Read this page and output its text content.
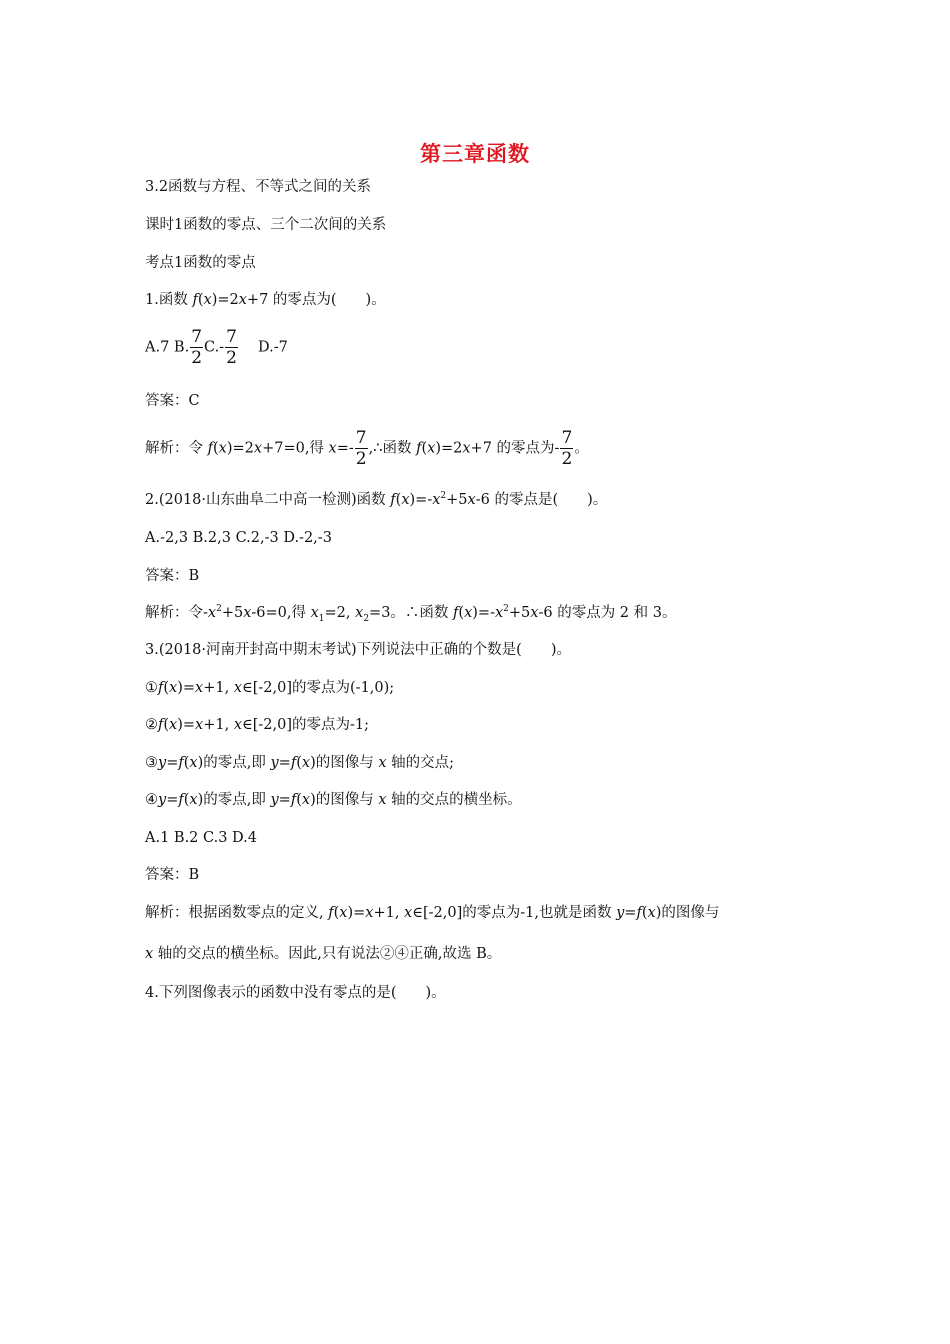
第三章函数
3.2函数与方程、不等式之间的关系
课时1函数的零点、三个二次间的关系
考点1函数的零点
1.函数 f(x)=2x+7 的零点为(　　)。
A.7 B. $\frac{7}{2} C.- \frac{7}{2}$ 　 D.-7
答案：C
解析：令 f(x)=2x+7=0,得 $x=- \frac{7}{2}$ ,∴函数 f(x)=2x+7 的零点为- $\frac{7}{2}$ 。
2.(2018·山东曲阜二中高一检测)函数 $f(x)=-x^2+5x-6$ 的零点是(　　)。
A.-2,3 B.2,3 C.2,-3 D.-2,-3
答案：B
解析：令$-x^2+5x-6=0$,得 $x_1=2$, $x_2=3$。∴函数 $f(x)=-x^2+5x-6$ 的零点为 2 和 3。
3.(2018·河南开封高中期末考试)下列说法中正确的个数是(　　)。
①f(x)=x+1, x∈[-2,0]的零点为(-1,0);
②f(x)=x+1, x∈[-2,0]的零点为-1;
③y=f(x)的零点,即 y=f(x)的图像与 x 轴的交点;
④y=f(x)的零点,即 y=f(x)的图像与 x 轴的交点的横坐标。
A.1 B.2 C.3 D.4
答案：B
解析：根据函数零点的定义, f(x)=x+1, x∈[-2,0]的零点为-1,也就是函数 y=f(x)的图像与
x 轴的交点的横坐标。因此,只有说法②④正确,故选 B。
4.下列图像表示的函数中没有零点的是(　　)。
